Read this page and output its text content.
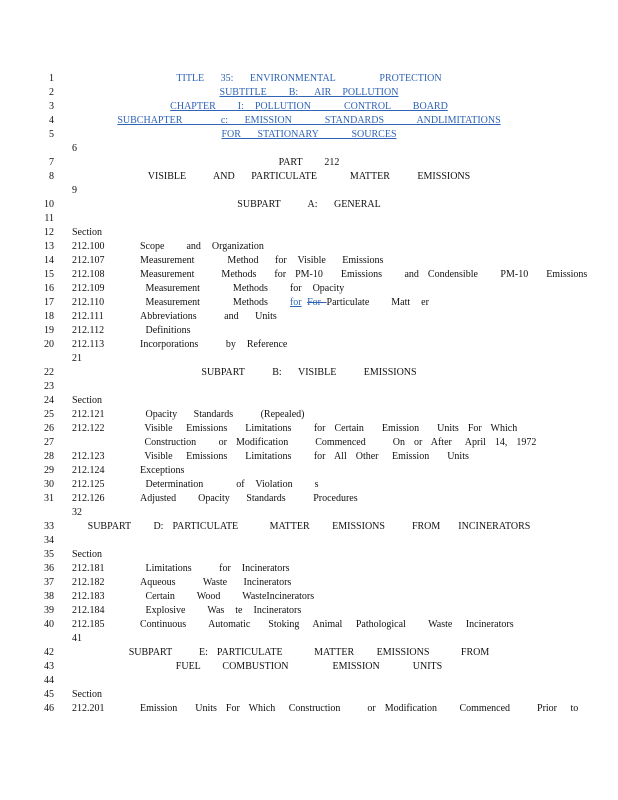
1
2
3
4
5
6
7
8
9
10
11
12
13
14
15
16
17
18
19
20
21
22
23
24
25
26
27
28
29
30
31
32
33
34
35
36
37
38
39
40
41
42
43
44
45
46
TITLE   35:   ENVIRONMENTAL        PROTECTION
SUBTITLE    B:   AIR  POLLUTION
CHAPTER    I:  POLLUTION      CONTROL    BOARD
SUBCHAPTER       c:   EMISSION      STANDARDS      ANDLIMITATIONS
FOR   STATIONARY      SOURCES
PART    212
VISIBLE     AND   PARTICULATE      MATTER     EMISSIONS
SUBPART     A:   GENERAL
Section
212.100	Scope    and  Organization
212.107	Measurement      Method   for  Visible   Emissions
212.108	Measurement      Methods    for  PM-10    Emissions     and  Condensible     PM-10    Emissions
212.109	Measurement      Methods    for  Opacity
212.110	Measurement      Methods    for For Particulate    Matt  er
212.111	Abbreviations     and   Units
212.112	Definitions
212.113	Incorporations     by  Reference
SUBPART     B:   VISIBLE     EMISSIONS
Section
212.121	Opacity   Standards     (Repealed)
212.122	Visible   Emissions    Limitations     for  Certain    Emission    Units  For  Which
Construction     or  Modification      Commenced      On  or  After   April  14,  1972
212.123	Visible   Emissions    Limitations     for  All  Other   Emission    Units
212.124	Exceptions
212.125	Determination      of  Violation    s
212.126	Adjusted    Opacity   Standards     Procedures
SUBPART     D:  PARTICULATE       MATTER     EMISSIONS      FROM    INCINERATORS
Section
212.181	Limitations     for  Incinerators
212.182	Aqueous     Waste   Incinerators
212.183	Certain    Wood    WasteIncinerators
212.184	Explosive    Was  te  Incinerators
212.185	Continuous     Automatic    Stoking   Animal   Pathological     Waste   Incinerators
SUBPART      E:  PARTICULATE       MATTER     EMISSIONS       FROM
FUEL    COMBUSTION        EMISSION      UNITS
Section
212.201	Emission    Units  For  Which   Construction      or  Modification     Commenced      Prior   to
